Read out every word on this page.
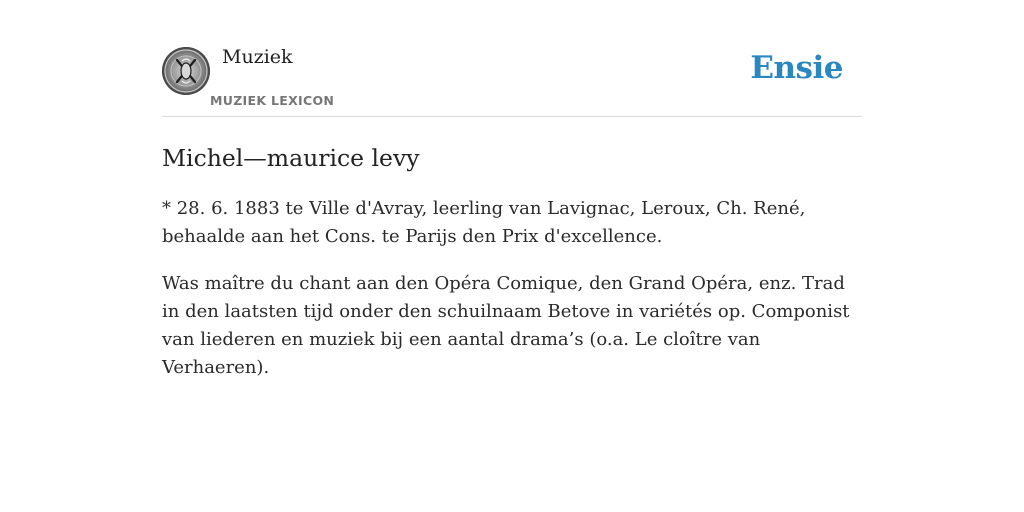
Muziek
MUZIEK LEXICON
Ensie
Michel—maurice levy

* 28. 6. 1883 te Ville d'Avray, leerling van Lavignac, Leroux, Ch. René, behaalde aan het Cons. te Parijs den Prix d'excellence.

Was maître du chant aan den Opéra Comique, den Grand Opéra, enz. Trad in den laatsten tijd onder den schuilnaam Betove in variétés op. Componist van liederen en muziek bij een aantal drama’s (o.a. Le cloître van Verhaeren).
